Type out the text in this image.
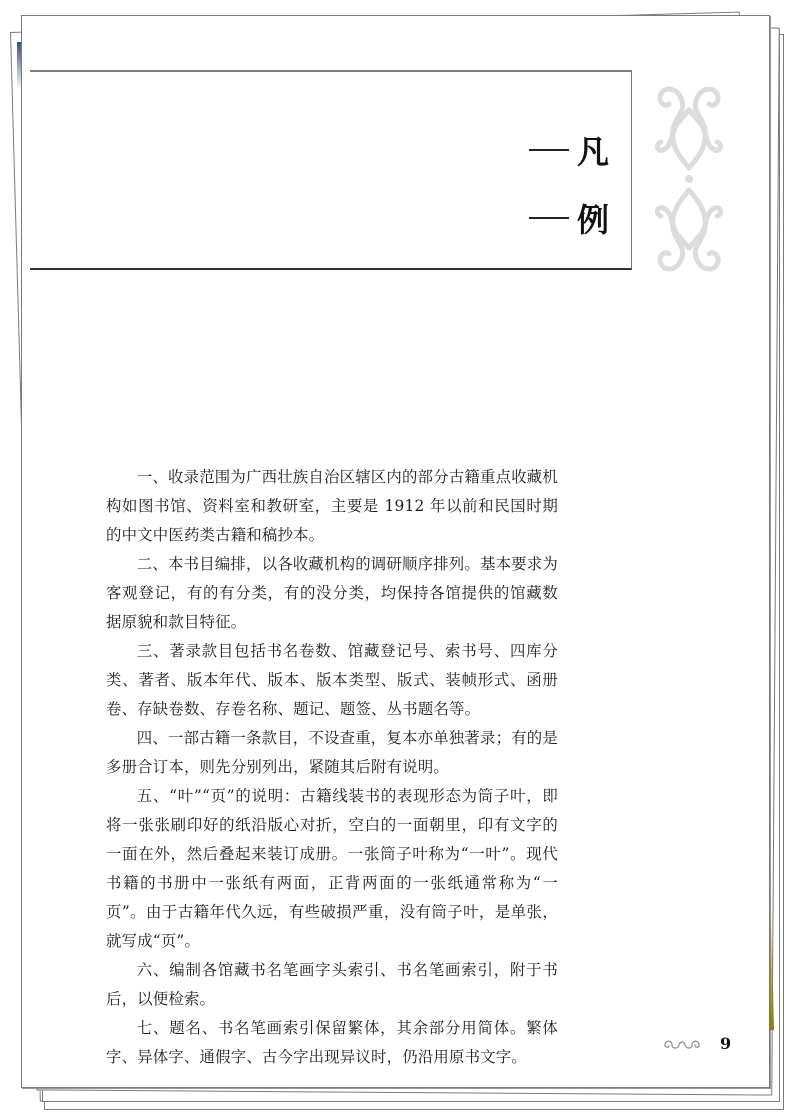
凡
例

一、收录范围为广西壮族自治区辖区内的部分古籍重点收藏机构如图书馆、资料室和教研室，主要是 1912 年以前和民国时期的中文中医药类古籍和稿抄本。

二、本书目编排，以各收藏机构的调研顺序排列。基本要求为客观登记，有的有分类，有的没分类，均保持各馆提供的馆藏数据原貌和款目特征。

三、著录款目包括书名卷数、馆藏登记号、索书号、四库分类、著者、版本年代、版本、版本类型、版式、装帧形式、函册卷、存缺卷数、存卷名称、题记、题签、丛书题名等。

四、一部古籍一条款目，不设查重，复本亦单独著录；有的是多册合订本，则先分别列出，紧随其后附有说明。

五、“叶”“页”的说明：古籍线装书的表现形态为筒子叶，即将一张张刷印好的纸沿版心对折，空白的一面朝里，印有文字的一面在外，然后叠起来装订成册。一张筒子叶称为“一叶”。现代书籍的书册中一张纸有两面，正背两面的一张纸通常称为“一页”。由于古籍年代久远，有些破损严重，没有筒子叶，是单张，就写成“页”。

六、编制各馆藏书名笔画字头索引、书名笔画索引，附于书后，以便检索。

七、题名、书名笔画索引保留繁体，其余部分用简体。繁体字、异体字、通假字、古今字出现异议时，仍沿用原书文字。

9
